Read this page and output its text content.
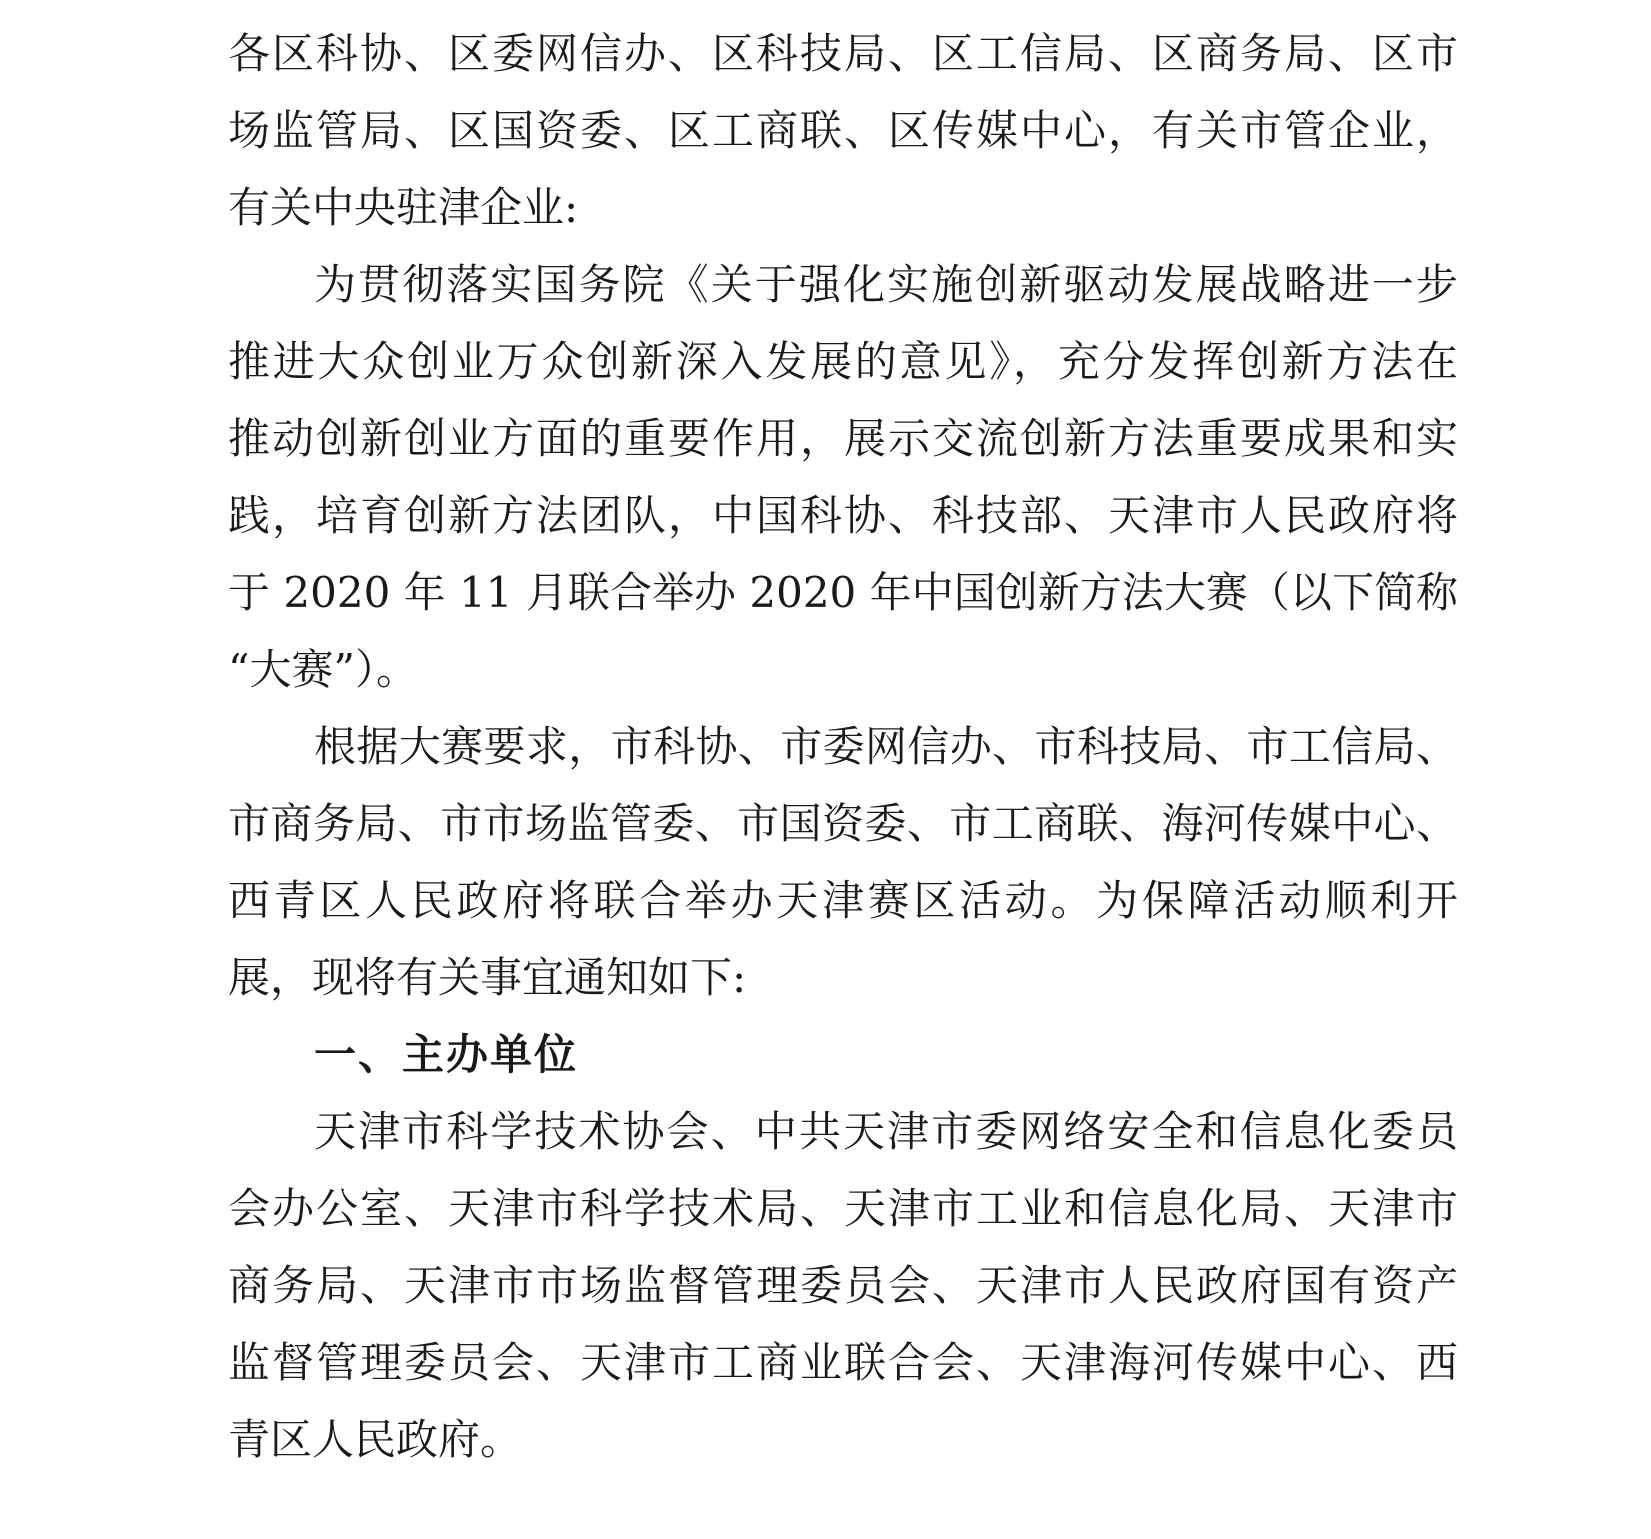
各区科协、区委网信办、区科技局、区工信局、区商务局、区市
场监管局、区国资委、区工商联、区传媒中心，有关市管企业，
有关中央驻津企业:
为贯彻落实国务院《关于强化实施创新驱动发展战略进一步
推进大众创业万众创新深入发展的意见》，充分发挥创新方法在
推动创新创业方面的重要作用，展示交流创新方法重要成果和实
践，培育创新方法团队，中国科协、科技部、天津市人民政府将
于 2020 年 11 月联合举办 2020 年中国创新方法大赛（以下简称
“大赛”）。
根据大赛要求，市科协、市委网信办、市科技局、市工信局、
市商务局、市市场监管委、市国资委、市工商联、海河传媒中心、
西青区人民政府将联合举办天津赛区活动。为保障活动顺利开
展，现将有关事宜通知如下:
一、主办单位
天津市科学技术协会、中共天津市委网络安全和信息化委员
会办公室、天津市科学技术局、天津市工业和信息化局、天津市
商务局、天津市市场监督管理委员会、天津市人民政府国有资产
监督管理委员会、天津市工商业联合会、天津海河传媒中心、西
青区人民政府。
